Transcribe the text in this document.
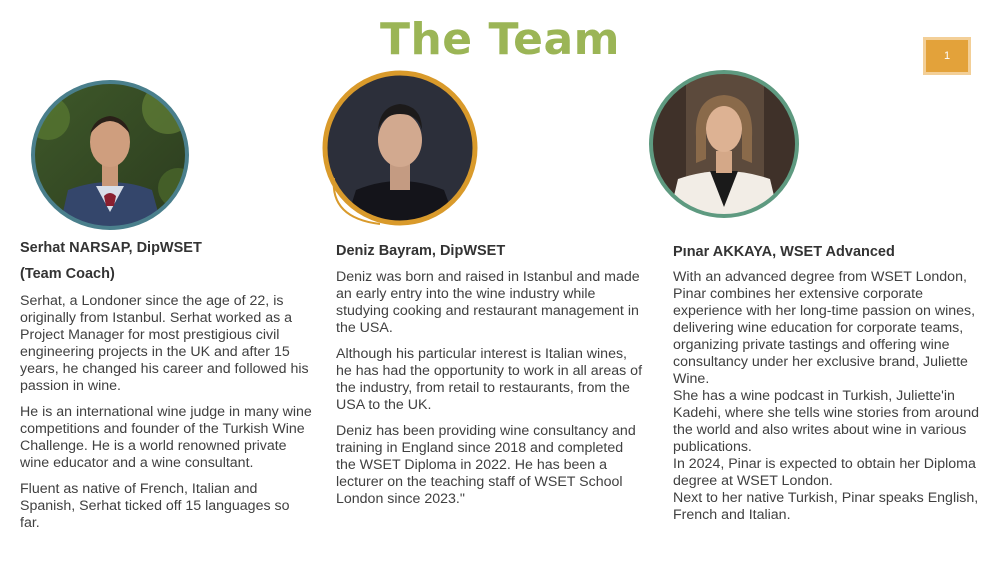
The Team	1
Serhat NARSAP, DipWSET
(Team Coach)

Serhat, a Londoner since the age of 22, is originally from Istanbul. Serhat worked as a Project Manager for most prestigious civil engineering projects in the UK and after 15 years, he changed his career and followed his passion in wine.

He is an international wine judge in many wine competitions and founder of the Turkish Wine Challenge. He is a world renowned private wine educator and a wine consultant.

Fluent as native of French, Italian and Spanish, Serhat ticked off 15 languages so far.

Deniz Bayram, DipWSET

Deniz was born and raised in Istanbul and made an early entry into the wine industry while studying cooking and restaurant management in the USA.

Although his particular interest is Italian wines, he has had the opportunity to work in all areas of the industry, from retail to restaurants, from the USA to the UK.

Deniz has been providing wine consultancy and training in England since 2018 and completed the WSET Diploma in 2022. He has been a lecturer on the teaching staff of WSET School London since 2023."

Pınar AKKAYA, WSET Advanced

With an advanced degree from WSET London, Pinar combines her extensive corporate experience with her long-time passion on wines, delivering wine education for corporate teams, organizing private tastings and offering wine consultancy under her exclusive brand, Juliette Wine.

She has a wine podcast in Turkish, Juliette'in Kadehi, where she tells wine stories from around the world and also writes about wine in various publications.

In 2024, Pinar is expected to obtain her Diploma degree at WSET London.

Next to her native Turkish, Pinar speaks English, French and Italian.
